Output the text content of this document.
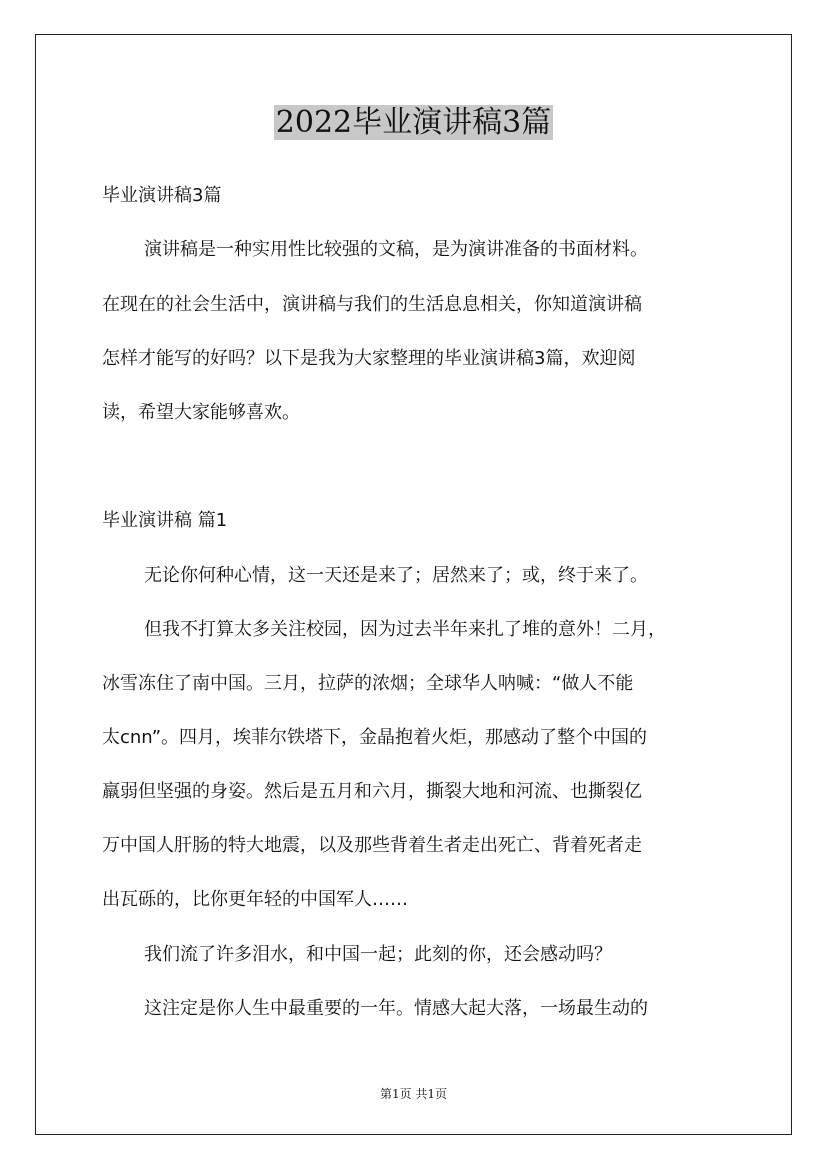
2022毕业演讲稿3篇
毕业演讲稿3篇
演讲稿是一种实用性比较强的文稿，是为演讲准备的书面材料。
在现在的社会生活中，演讲稿与我们的生活息息相关，你知道演讲稿
怎样才能写的好吗？以下是我为大家整理的毕业演讲稿3篇，欢迎阅
读，希望大家能够喜欢。
毕业演讲稿 篇1
无论你何种心情，这一天还是来了；居然来了；或，终于来了。
但我不打算太多关注校园，因为过去半年来扎了堆的意外！二月，
冰雪冻住了南中国。三月，拉萨的浓烟；全球华人呐喊：“做人不能
太cnn”。四月，埃菲尔铁塔下，金晶抱着火炬，那感动了整个中国的
羸弱但坚强的身姿。然后是五月和六月，撕裂大地和河流、也撕裂亿
万中国人肝肠的特大地震，以及那些背着生者走出死亡、背着死者走
出瓦砾的，比你更年轻的中国军人……
我们流了许多泪水，和中国一起；此刻的你，还会感动吗？
这注定是你人生中最重要的一年。情感大起大落，一场最生动的
第1页 共1页
